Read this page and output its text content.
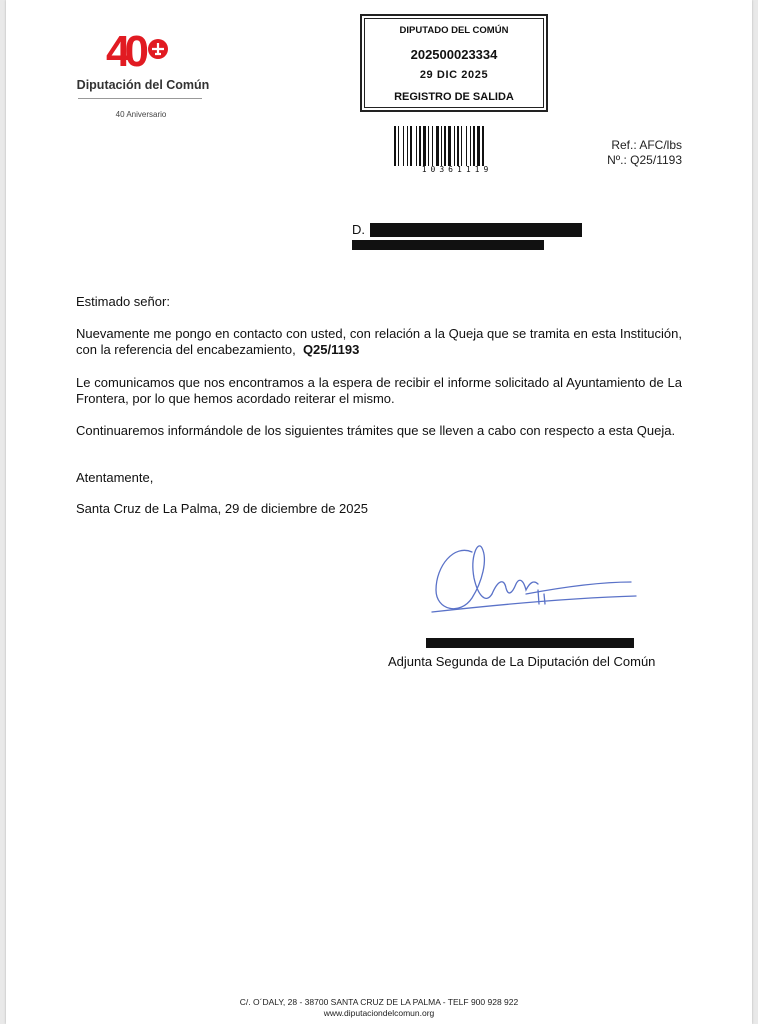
40
Diputación del Común
40 Aniversario
DIPUTADO DEL COMÚN
202500023334
29 DIC 2025
REGISTRO DE SALIDA
10361119
Ref.: AFC/lbs
Nº.: Q25/1193
D.

Estimado señor:

Nuevamente me pongo en contacto con usted, con relación a la Queja que se tramita en esta Institución, con la referencia del encabezamiento, Q25/1193

Le comunicamos que nos encontramos a la espera de recibir el informe solicitado al Ayuntamiento de La Frontera, por lo que hemos acordado reiterar el mismo.

Continuaremos informándole de los siguientes trámites que se lleven a cabo con respecto a esta Queja.

Atentamente,

Santa Cruz de La Palma, 29 de diciembre de 2025

Adjunta Segunda de La Diputación del Común
C/. O´DALY, 28 - 38700 SANTA CRUZ DE LA PALMA - TELF 900 928 922
www.diputaciondelcomun.org
